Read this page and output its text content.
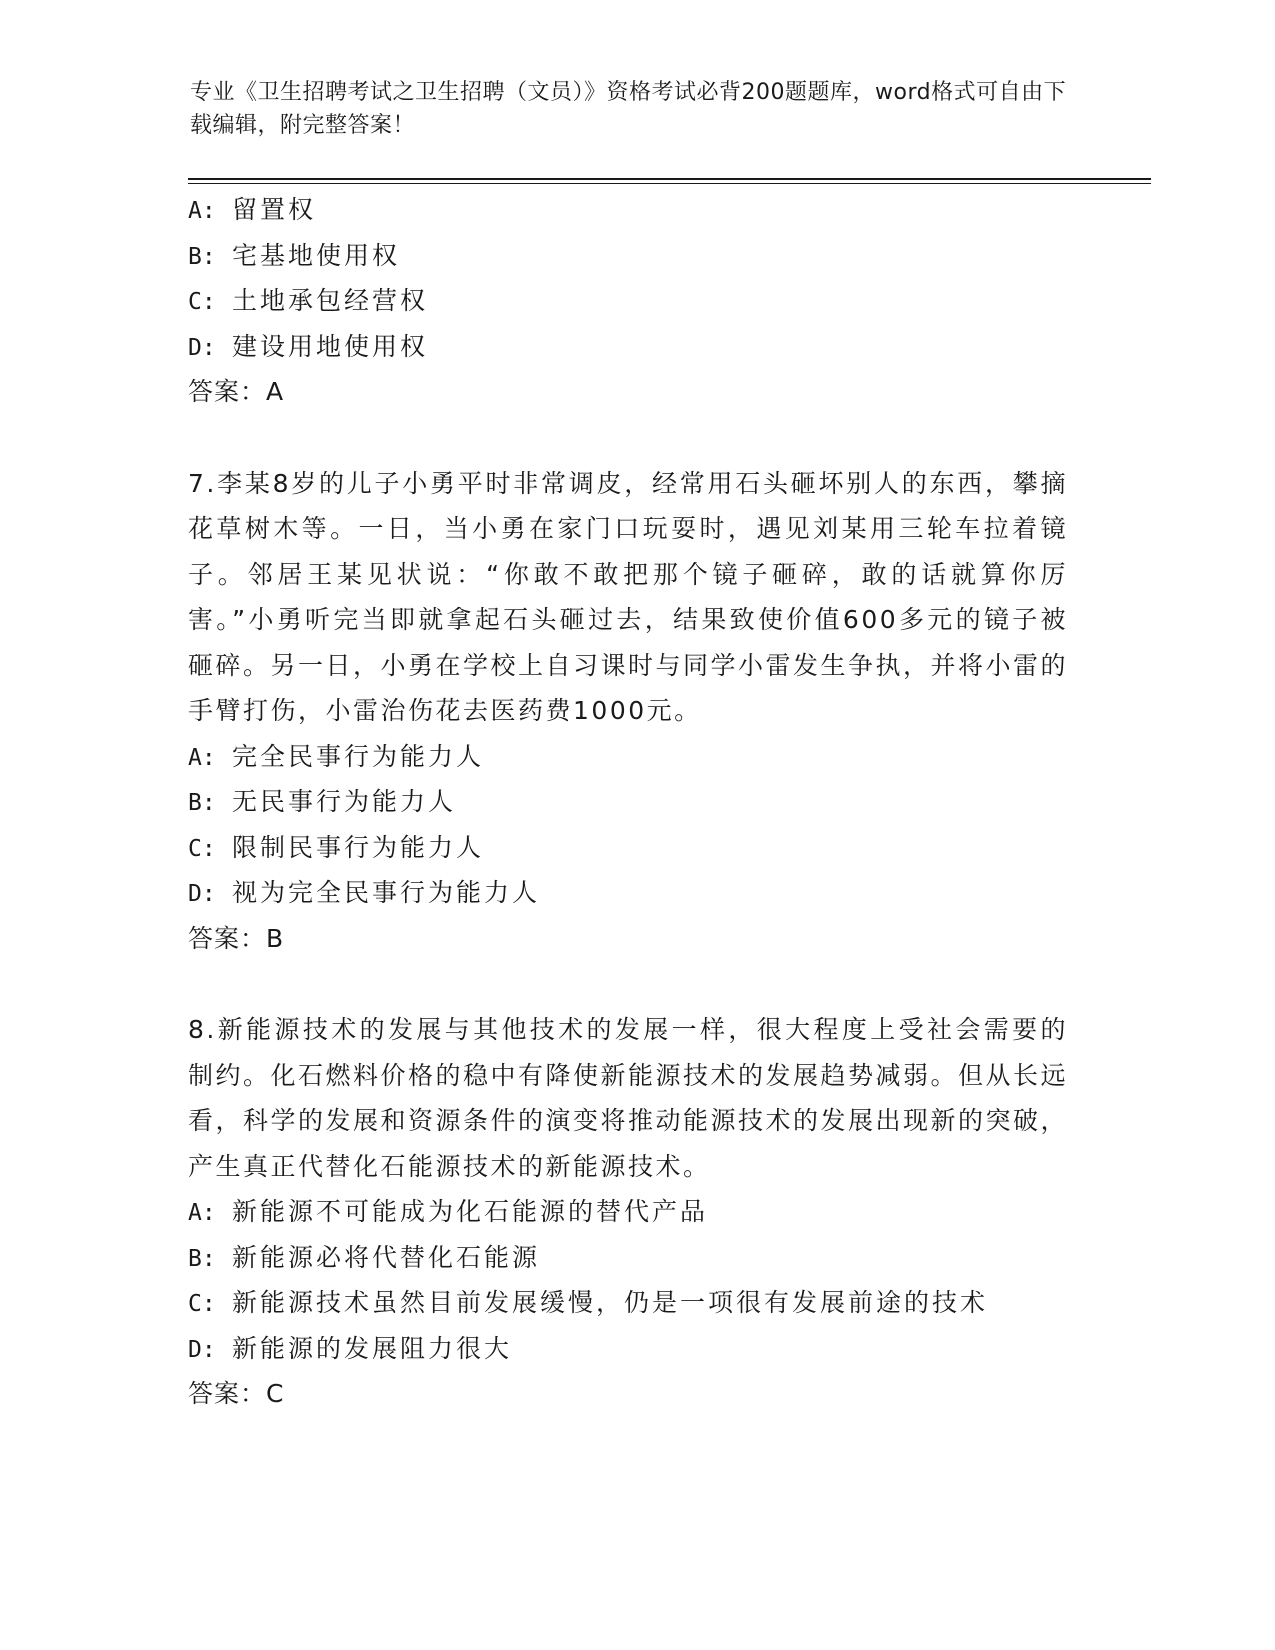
专业《卫生招聘考试之卫生招聘（文员）》资格考试必背200题题库，word格式可自由下载编辑，附完整答案！
A: 留置权
B: 宅基地使用权
C: 土地承包经营权
D: 建设用地使用权
答案：A
7.李某8岁的儿子小勇平时非常调皮，经常用石头砸坏别人的东西，攀摘花草树木等。一日，当小勇在家门口玩耍时，遇见刘某用三轮车拉着镜子。邻居王某见状说：“你敢不敢把那个镜子砸碎，敢的话就算你厉害。”小勇听完当即就拿起石头砸过去，结果致使价值600多元的镜子被砸碎。另一日，小勇在学校上自习课时与同学小雷发生争执，并将小雷的手臂打伤，小雷治伤花去医药费1000元。
A: 完全民事行为能力人
B: 无民事行为能力人
C: 限制民事行为能力人
D: 视为完全民事行为能力人
答案：B
8.新能源技术的发展与其他技术的发展一样，很大程度上受社会需要的制约。化石燃料价格的稳中有降使新能源技术的发展趋势减弱。但从长远看，科学的发展和资源条件的演变将推动能源技术的发展出现新的突破，产生真正代替化石能源技术的新能源技术。
A: 新能源不可能成为化石能源的替代产品
B: 新能源必将代替化石能源
C: 新能源技术虽然目前发展缓慢，仍是一项很有发展前途的技术
D: 新能源的发展阻力很大
答案：C
